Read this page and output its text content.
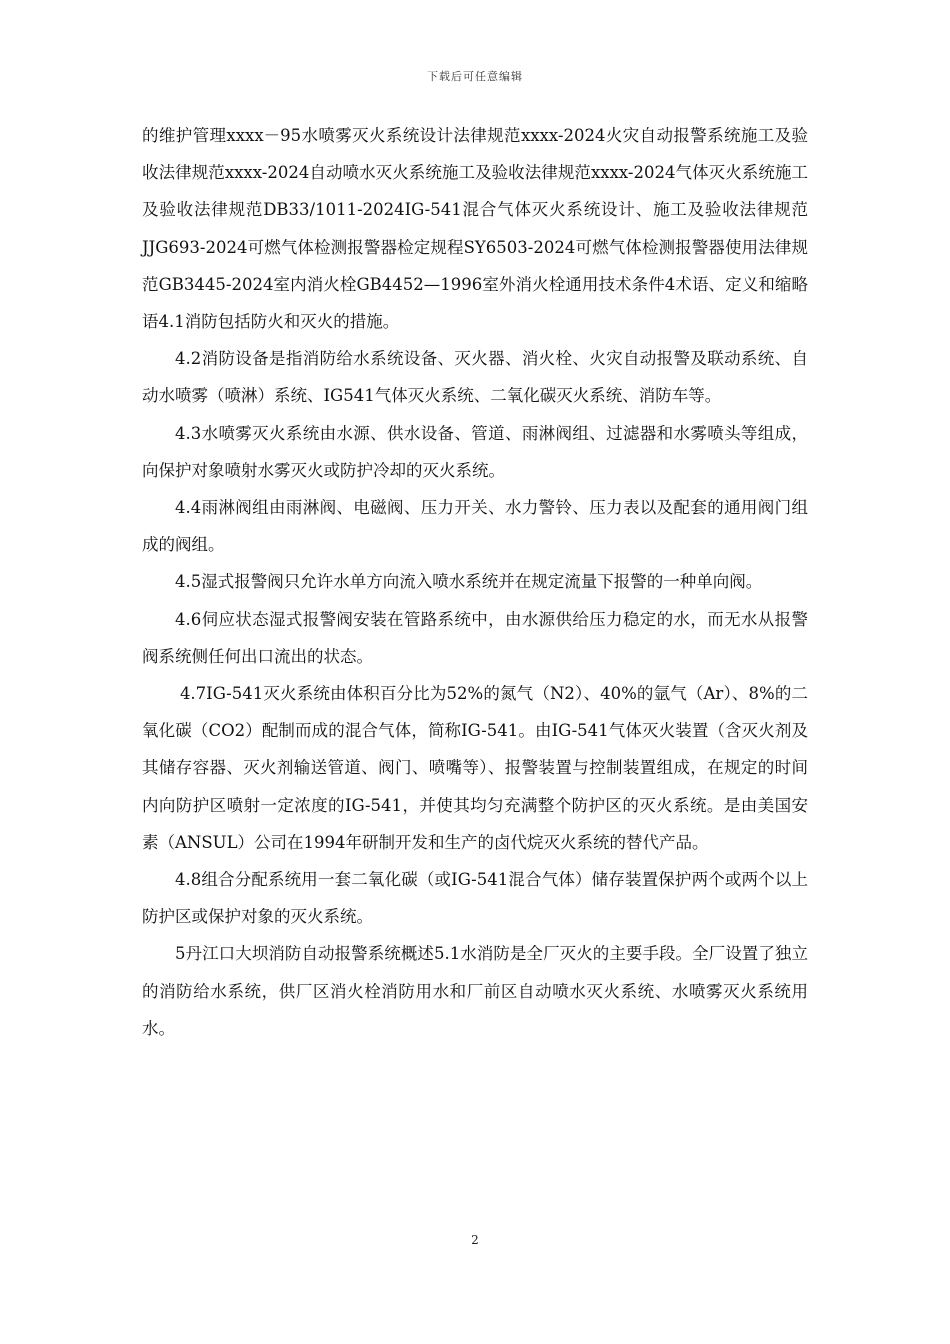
下载后可任意编辑

的维护管理xxxx－95水喷雾灭火系统设计法律规范xxxx-2024火灾自动报警系统施工及验收法律规范xxxx-2024自动喷水灭火系统施工及验收法律规范xxxx-2024气体灭火系统施工及验收法律规范DB33/1011-2024IG-541混合气体灭火系统设计、施工及验收法律规范JJG693-2024可燃气体检测报警器检定规程SY6503-2024可燃气体检测报警器使用法律规范GB3445-2024室内消火栓GB4452—1996室外消火栓通用技术条件4术语、定义和缩略语4.1消防包括防火和灭火的措施。

4.2消防设备是指消防给水系统设备、灭火器、消火栓、火灾自动报警及联动系统、自动水喷雾（喷淋）系统、IG541气体灭火系统、二氧化碳灭火系统、消防车等。

4.3水喷雾灭火系统由水源、供水设备、管道、雨淋阀组、过滤器和水雾喷头等组成，向保护对象喷射水雾灭火或防护冷却的灭火系统。

4.4雨淋阀组由雨淋阀、电磁阀、压力开关、水力警铃、压力表以及配套的通用阀门组成的阀组。

4.5湿式报警阀只允许水单方向流入喷水系统并在规定流量下报警的一种单向阀。

4.6伺应状态湿式报警阀安装在管路系统中，由水源供给压力稳定的水，而无水从报警阀系统侧任何出口流出的状态。

4.7IG-541灭火系统由体积百分比为52%的氮气（N2）、40%的氩气（Ar）、8%的二氧化碳（CO2）配制而成的混合气体，简称IG-541。由IG-541气体灭火装置（含灭火剂及其储存容器、灭火剂输送管道、阀门、喷嘴等）、报警装置与控制装置组成，在规定的时间内向防护区喷射一定浓度的IG-541，并使其均匀充满整个防护区的灭火系统。是由美国安素（ANSUL）公司在1994年研制开发和生产的卤代烷灭火系统的替代产品。

4.8组合分配系统用一套二氧化碳（或IG-541混合气体）储存装置保护两个或两个以上防护区或保护对象的灭火系统。

5丹江口大坝消防自动报警系统概述5.1水消防是全厂灭火的主要手段。全厂设置了独立的消防给水系统，供厂区消火栓消防用水和厂前区自动喷水灭火系统、水喷雾灭火系统用水。

2
